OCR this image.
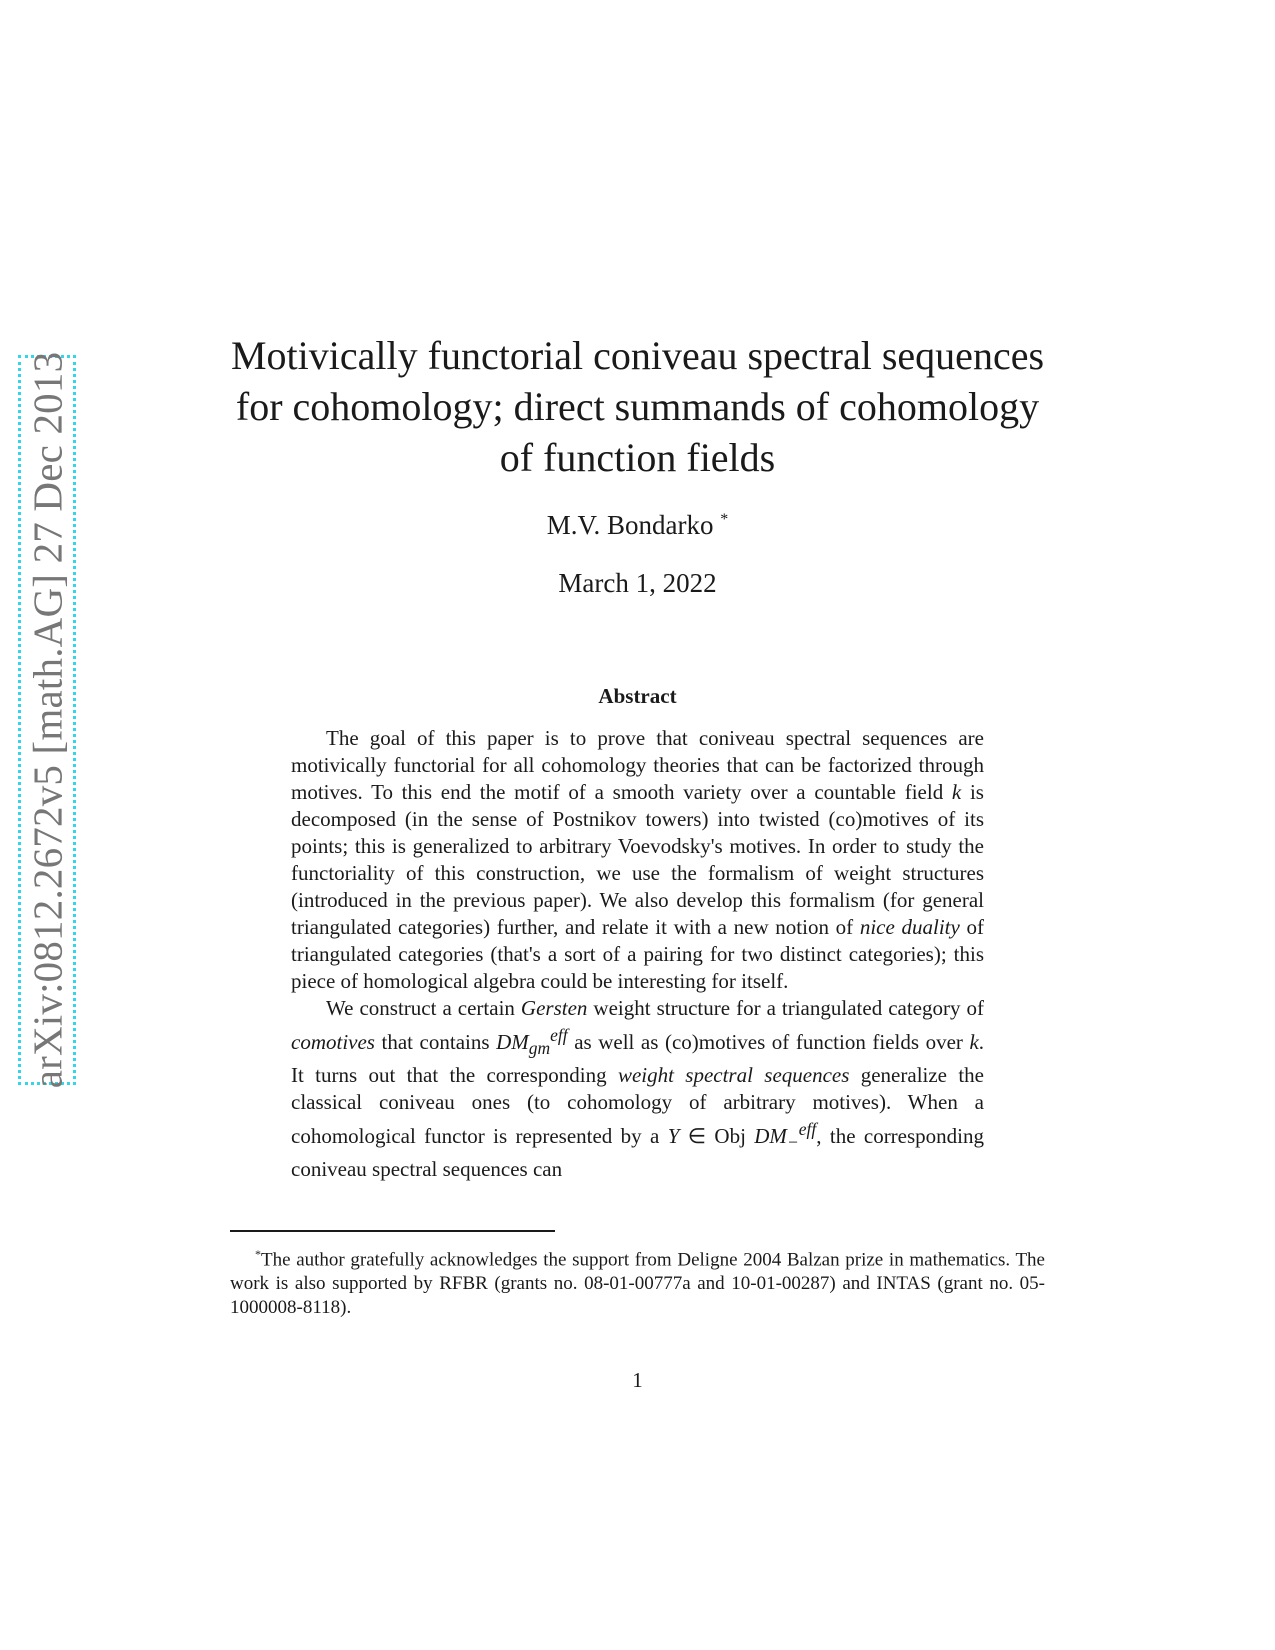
arXiv:0812.2672v5 [math.AG] 27 Dec 2013	Motivically functorial coniveau spectral sequences for cohomology; direct summands of cohomology of function fields
M.V. Bondarko *
March 1, 2022
Abstract

The goal of this paper is to prove that coniveau spectral sequences are motivically functorial for all cohomology theories that can be factorized through motives. To this end the motif of a smooth variety over a countable field k is decomposed (in the sense of Postnikov towers) into twisted (co)motives of its points; this is generalized to arbitrary Voevodsky's motives. In order to study the functoriality of this construction, we use the formalism of weight structures (introduced in the previous paper). We also develop this formalism (for general triangulated categories) further, and relate it with a new notion of nice duality of triangulated categories (that's a sort of a pairing for two distinct categories); this piece of homological algebra could be interesting for itself.

We construct a certain Gersten weight structure for a triangulated category of comotives that contains $DM_{gm}^{eff}$ as well as (co)motives of function fields over k. It turns out that the corresponding weight spectral sequences generalize the classical coniveau ones (to cohomology of arbitrary motives). When a cohomological functor is represented by a Y ∈ Obj $DM_-^{eff}$, the corresponding coniveau spectral sequences can

*The author gratefully acknowledges the support from Deligne 2004 Balzan prize in mathematics. The work is also supported by RFBR (grants no. 08-01-00777a and 10-01-00287) and INTAS (grant no. 05-1000008-8118).
1
